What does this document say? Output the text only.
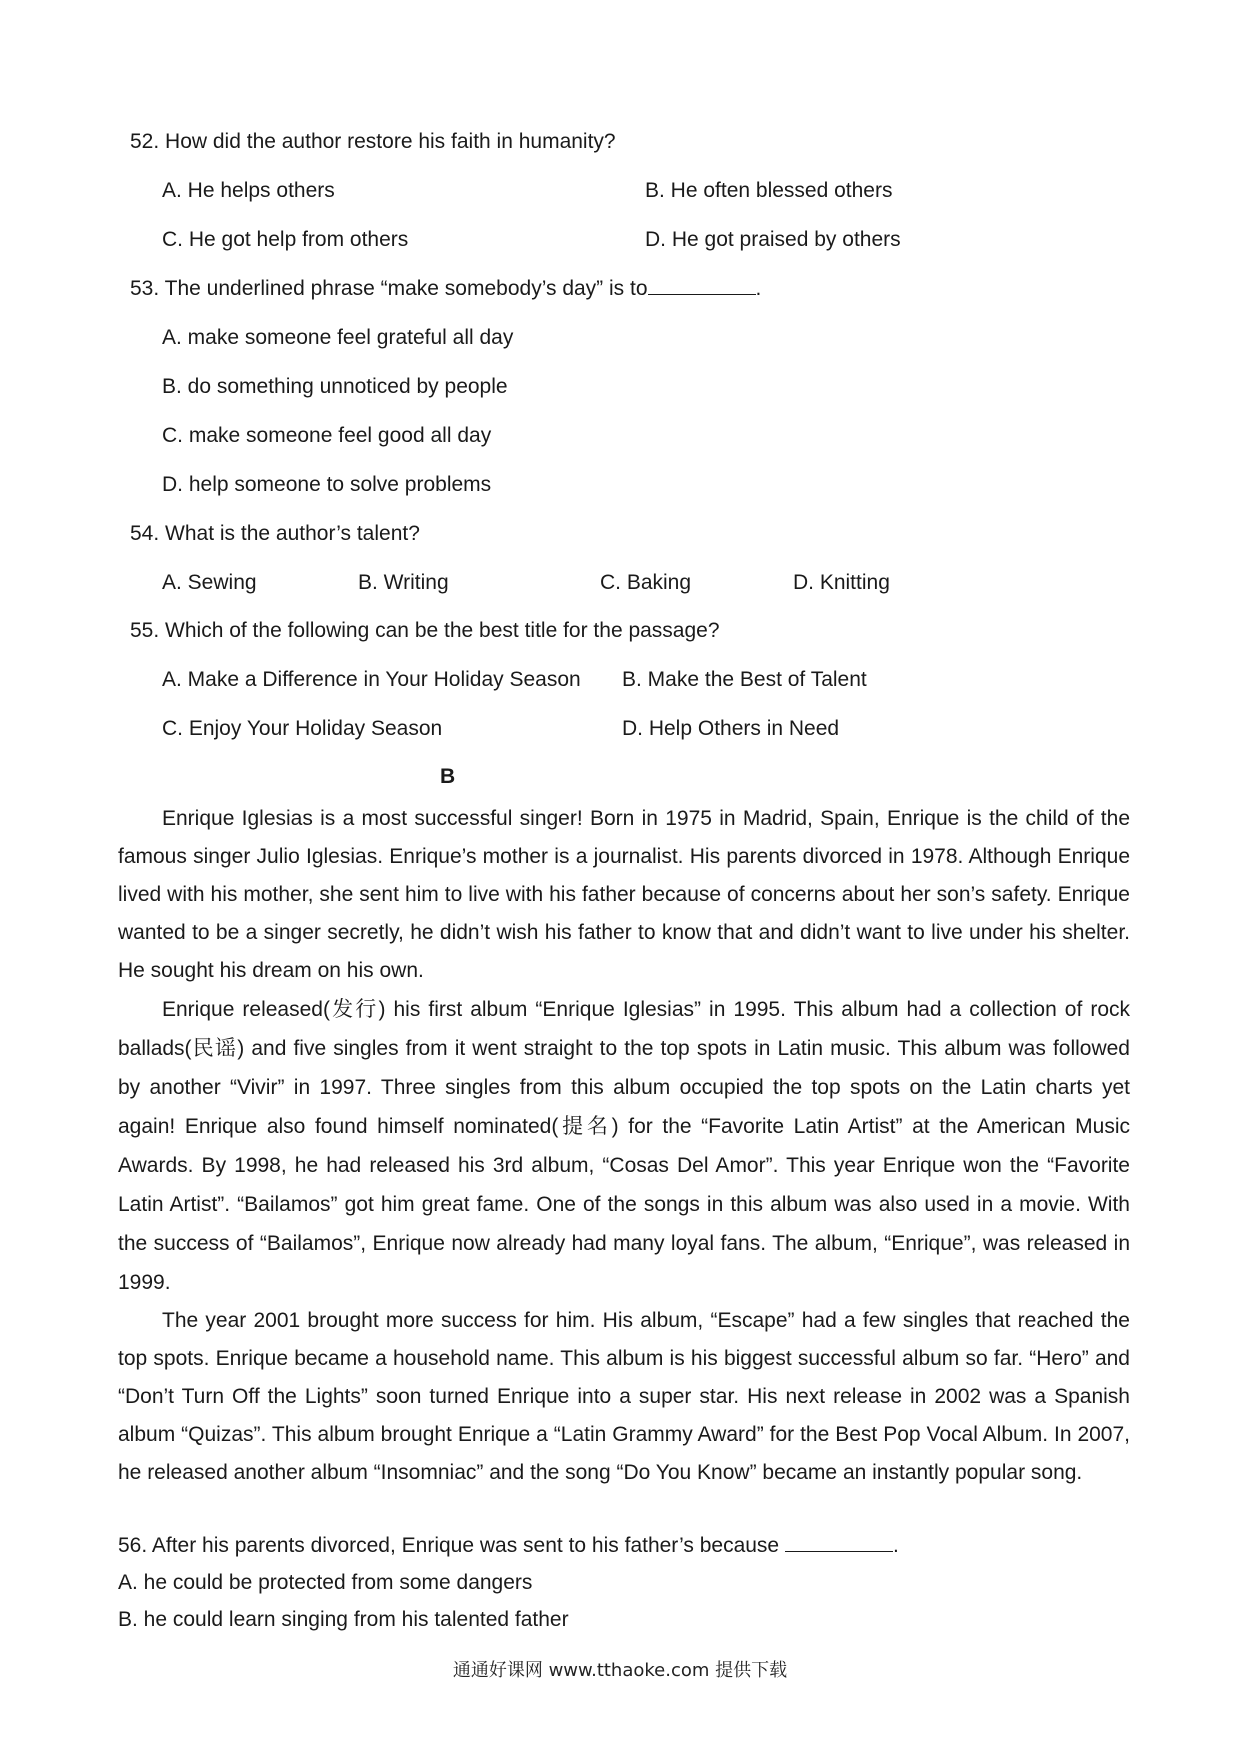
52. How did the author restore his faith in humanity?
A. He helps others	B. He often blessed others
C. He got help from others	D. He got praised by others
53. The underlined phrase “make somebody’s day” is to	.
A. make someone feel grateful all day
B. do something unnoticed by people
C. make someone feel good all day
D. help someone to solve problems
54. What is the author’s talent?
A. Sewing	B. Writing	C. Baking	D. Knitting
55. Which of the following can be the best title for the passage?
A. Make a Difference in Your Holiday Season B. Make the Best of Talent
C. Enjoy Your Holiday Season	D. Help Others in Need
B

Enrique Iglesias is a most successful singer! Born in 1975 in Madrid, Spain, Enrique is the child of the famous singer Julio Iglesias. Enrique’s mother is a journalist. His parents divorced in 1978. Although Enrique lived with his mother, she sent him to live with his father because of concerns about her son’s safety. Enrique wanted to be a singer secretly, he didn’t wish his father to know that and didn’t want to live under his shelter. He sought his dream on his own.

Enrique released(发行) his first album “Enrique Iglesias” in 1995. This album had a collection of rock ballads(民谣) and five singles from it went straight to the top spots in Latin music. This album was followed by another “Vivir” in 1997. Three singles from this album occupied the top spots on the Latin charts yet again! Enrique also found himself nominated(提名) for the “Favorite Latin Artist” at the American Music Awards. By 1998, he had released his 3rd album, “Cosas Del Amor”. This year Enrique won the “Favorite Latin Artist”. “Bailamos” got him great fame. One of the songs in this album was also used in a movie. With the success of “Bailamos”, Enrique now already had many loyal fans. The album, “Enrique”, was released in 1999.

The year 2001 brought more success for him. His album, “Escape” had a few singles that reached the top spots. Enrique became a household name. This album is his biggest successful album so far. “Hero” and “Don’t Turn Off the Lights” soon turned Enrique into a super star. His next release in 2002 was a Spanish album “Quizas”. This album brought Enrique a “Latin Grammy Award” for the Best Pop Vocal Album. In 2007, he released another album “Insomniac” and the song “Do You Know” became an instantly popular song.

56. After his parents divorced, Enrique was sent to his father’s because	.
A. he could be protected from some dangers
B. he could learn singing from his talented father
通通好课网 www.tthaoke.com 提供下载
